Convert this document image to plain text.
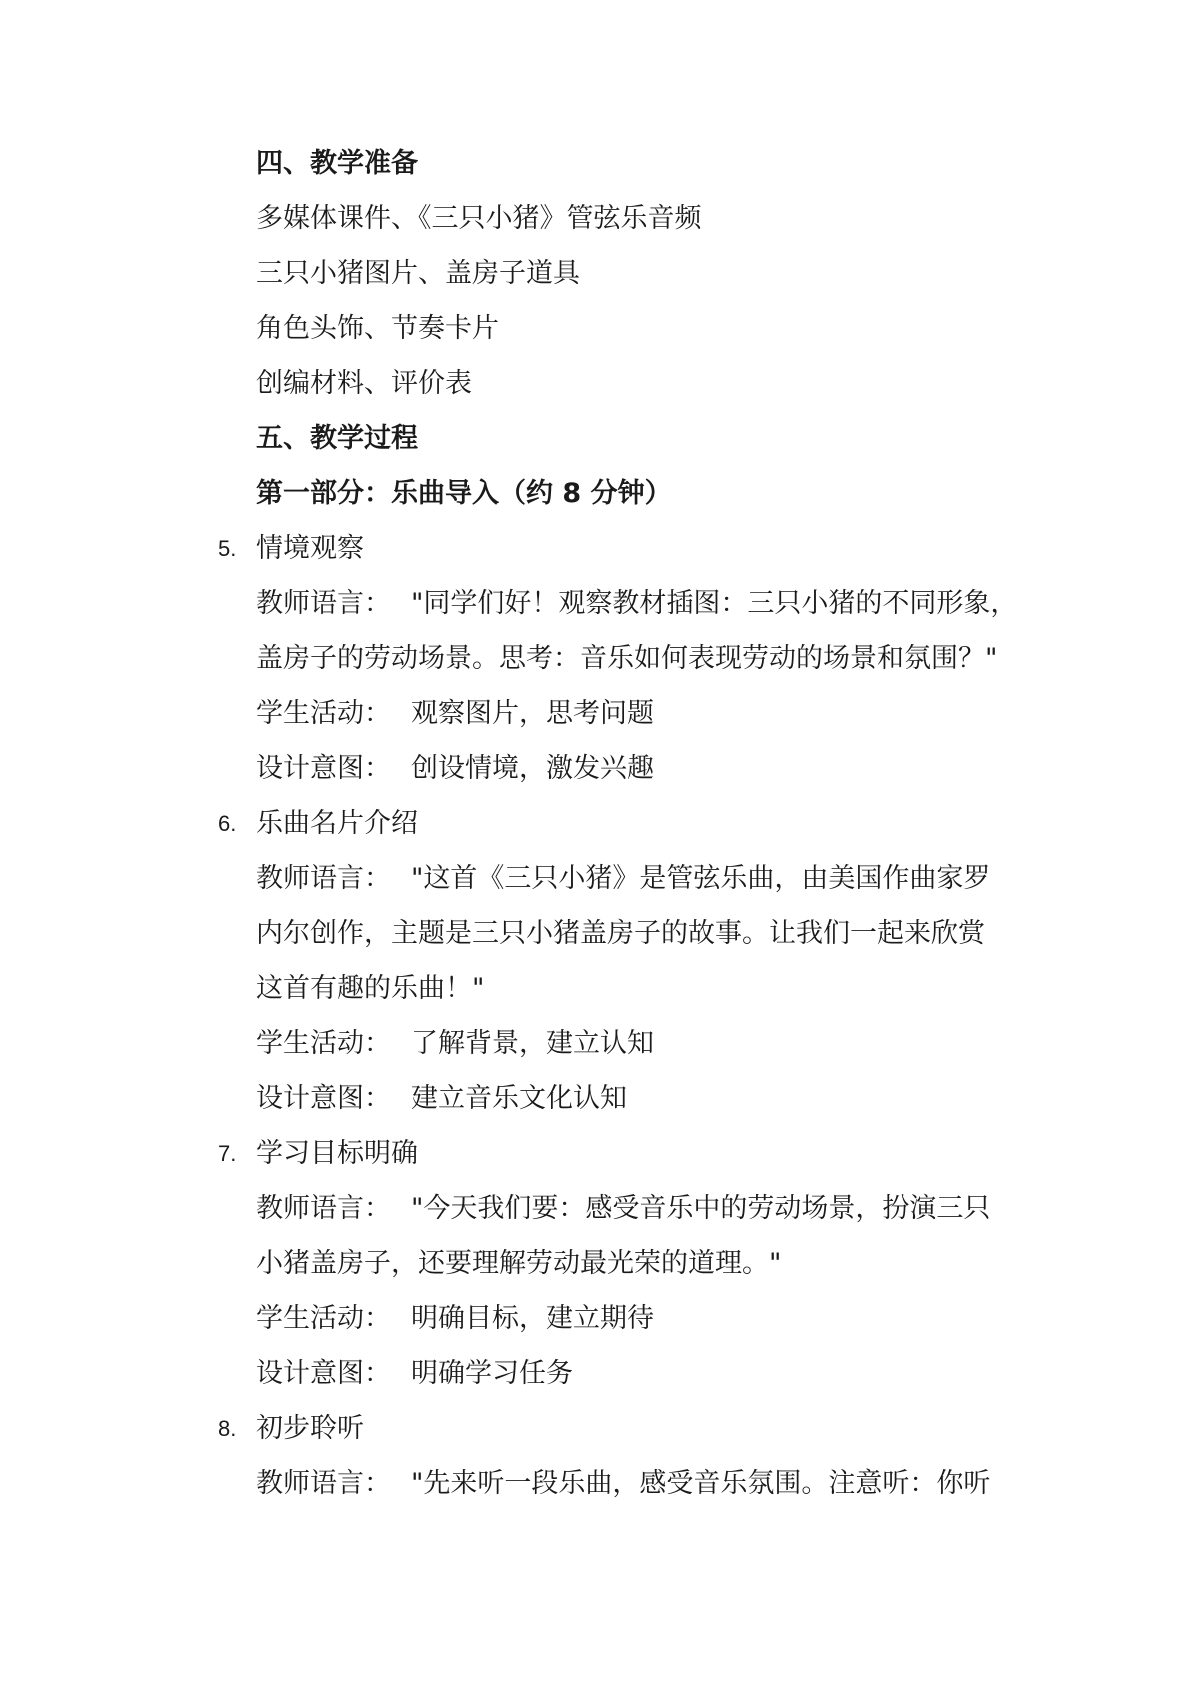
四、教学准备
多媒体课件、《三只小猪》管弦乐音频
三只小猪图片、盖房子道具
角色头饰、节奏卡片
创编材料、评价表
五、教学过程
第一部分：乐曲导入（约 8 分钟）
5. 情境观察
教师语言： "同学们好！观察教材插图：三只小猪的不同形象，
盖房子的劳动场景。思考：音乐如何表现劳动的场景和氛围？"
学生活动： 观察图片，思考问题
设计意图： 创设情境，激发兴趣
6. 乐曲名片介绍
教师语言： "这首《三只小猪》是管弦乐曲，由美国作曲家罗
内尔创作，主题是三只小猪盖房子的故事。让我们一起来欣赏
这首有趣的乐曲！"
学生活动： 了解背景，建立认知
设计意图： 建立音乐文化认知
7. 学习目标明确
教师语言： "今天我们要：感受音乐中的劳动场景，扮演三只
小猪盖房子，还要理解劳动最光荣的道理。"
学生活动： 明确目标，建立期待
设计意图： 明确学习任务
8. 初步聆听
教师语言： "先来听一段乐曲，感受音乐氛围。注意听：你听
